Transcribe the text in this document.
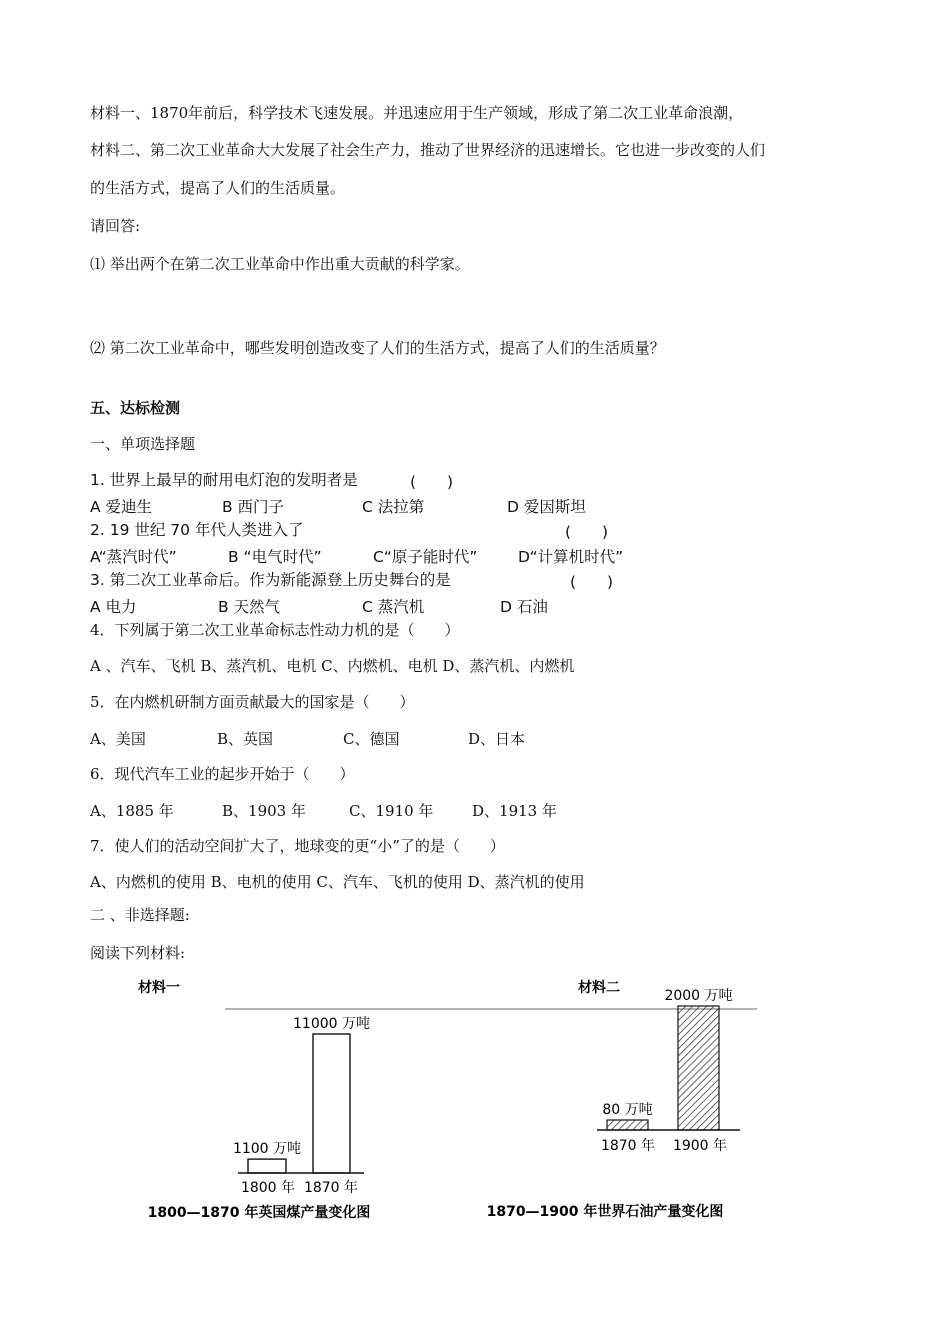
材料一、1870年前后，科学技术飞速发展。并迅速应用于生产领域，形成了第二次工业革命浪潮，
材料二、第二次工业革命大大发展了社会生产力，推动了世界经济的迅速增长。它也进一步改变的人们
的生活方式，提高了人们的生活质量。
请回答:
⑴ 举出两个在第二次工业革命中作出重大贡献的科学家。
⑵ 第二次工业革命中，哪些发明创造改变了人们的生活方式，提高了人们的生活质量？
五、达标检测
一、单项选择题
1. 世界上最早的耐用电灯泡的发明者是	(　　)
A 爱迪生	B 西门子	C 法拉第	D 爱因斯坦
2. 19 世纪 70 年代人类进入了	(　　)
A“蒸汽时代”	B “电气时代”	C“原子能时代”	D“计算机时代”
3. 第二次工业革命后。作为新能源登上历史舞台的是	(　　)
A 电力	B 天然气	C 蒸汽机	D 石油
4．下列属于第二次工业革命标志性动力机的是（　　）
A 、汽车、飞机 B、蒸汽机、电机 C、内燃机、电机 D、蒸汽机、内燃机
5．在内燃机研制方面贡献最大的国家是（　　）
A、美国	B、英国	C、德国	D、日本
6．现代汽车工业的起步开始于（　　）
A、1885 年	B、1903 年	C、1910 年	D、1913 年
7．使人们的活动空间扩大了，地球变的更“小”了的是（　　）
A、内燃机的使用 B、电机的使用 C、汽车、飞机的使用 D、蒸汽机的使用
二 、非选择题:
阅读下列材料:
材料一
1100 万吨
11000 万吨
1800 年 1870 年
1800—1870 年英国煤产量变化图
材料二
80 万吨
2000 万吨
1870 年 1900 年
1870—1900 年世界石油产量变化图
